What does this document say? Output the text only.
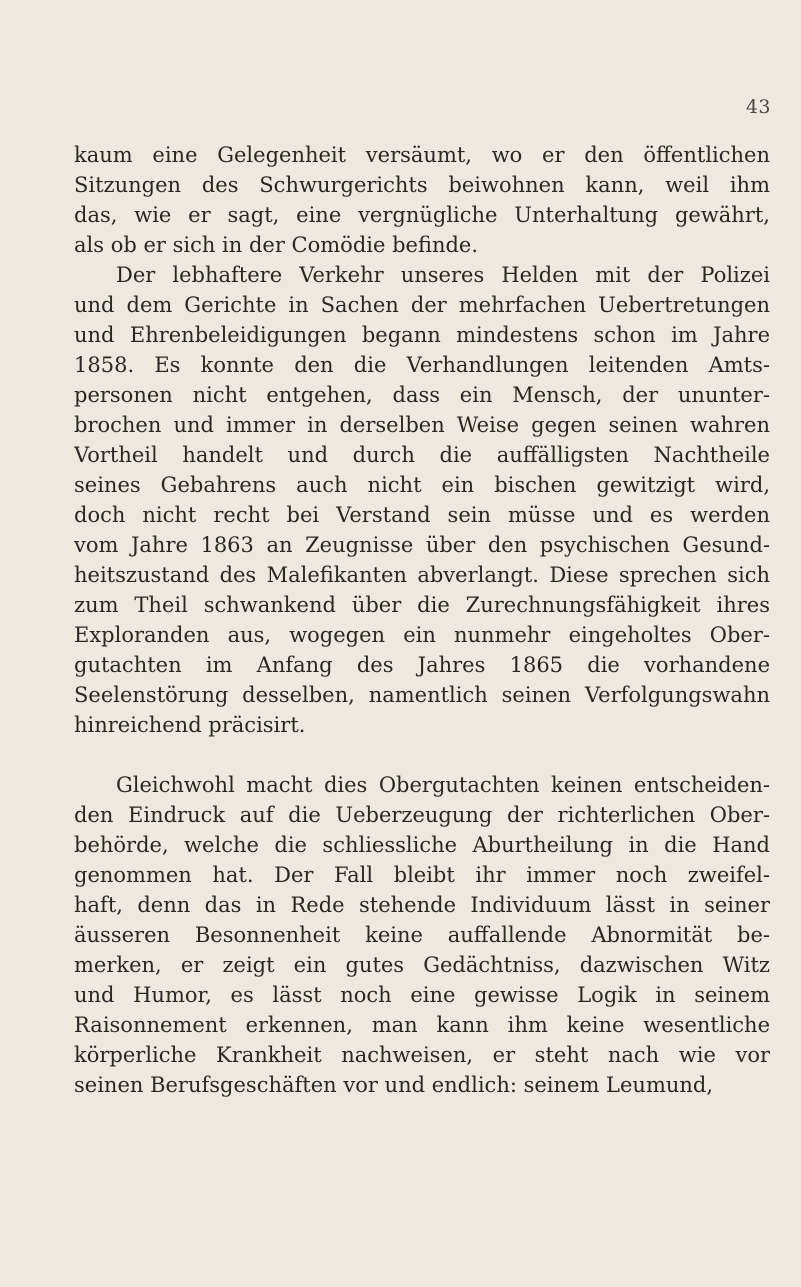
43
kaum eine Gelegenheit versäumt, wo er den öffentlichen
Sitzungen des Schwurgerichts beiwohnen kann, weil ihm
das, wie er sagt, eine vergnügliche Unterhaltung gewährt,
als ob er sich in der Comödie befinde.
Der lebhaftere Verkehr unseres Helden mit der Polizei
und dem Gerichte in Sachen der mehrfachen Uebertretungen
und Ehrenbeleidigungen begann mindestens schon im Jahre
1858. Es konnte den die Verhandlungen leitenden Amts-
personen nicht entgehen, dass ein Mensch, der ununter-
brochen und immer in derselben Weise gegen seinen wahren
Vortheil handelt und durch die auffälligsten Nachtheile
seines Gebahrens auch nicht ein bischen gewitzigt wird,
doch nicht recht bei Verstand sein müsse und es werden
vom Jahre 1863 an Zeugnisse über den psychischen Gesund-
heitszustand des Malefikanten abverlangt. Diese sprechen sich
zum Theil schwankend über die Zurechnungsfähigkeit ihres
Exploranden aus, wogegen ein nunmehr eingeholtes Ober-
gutachten im Anfang des Jahres 1865 die vorhandene
Seelenstörung desselben, namentlich seinen Verfolgungswahn
hinreichend präcisirt.
Gleichwohl macht dies Obergutachten keinen entscheiden-
den Eindruck auf die Ueberzeugung der richterlichen Ober-
behörde, welche die schliessliche Aburtheilung in die Hand
genommen hat. Der Fall bleibt ihr immer noch zweifel-
haft, denn das in Rede stehende Individuum lässt in seiner
äusseren Besonnenheit keine auffallende Abnormität be-
merken, er zeigt ein gutes Gedächtniss, dazwischen Witz
und Humor, es lässt noch eine gewisse Logik in seinem
Raisonnement erkennen, man kann ihm keine wesentliche
körperliche Krankheit nachweisen, er steht nach wie vor
seinen Berufsgeschäften vor und endlich: seinem Leumund,
